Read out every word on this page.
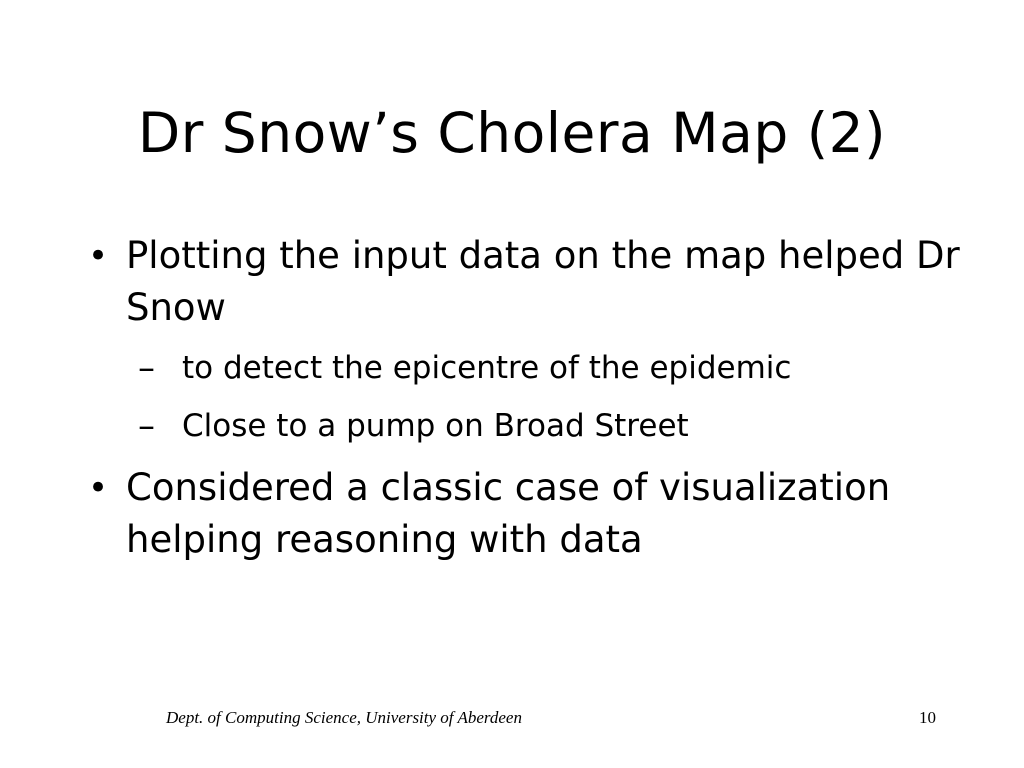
Dr Snow’s Cholera Map (2)
• Plotting the input data on the map helped Dr Snow
– to detect the epicentre of the epidemic
– Close to a pump on Broad Street
• Considered a classic case of visualization helping reasoning with data
Dept. of Computing Science, University of Aberdeen	10
